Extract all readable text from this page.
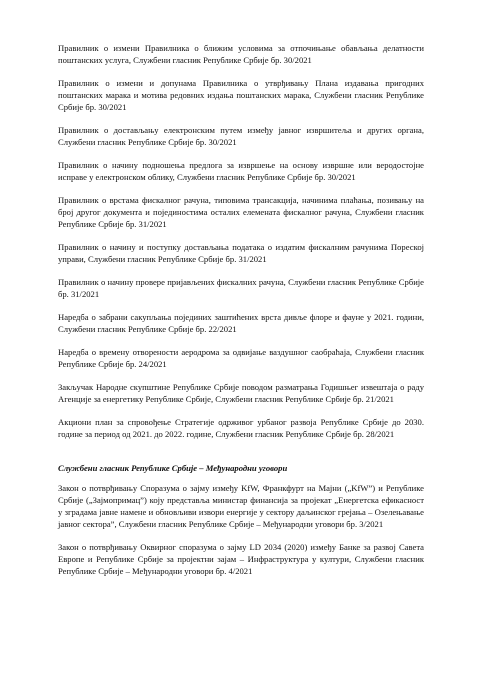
Правилник о измени Правилника о ближим условима за отпочињање обављања делатности поштанских услуга, Службени гласник Републике Србије бр. 30/2021

Правилник о измени и допунама Правилника о утврђивању Плана издавања пригодних поштанских марака и мотива редовних издања поштанских марака, Службени гласник Републике Србије бр. 30/2021

Правилник о достављању електронским путем између јавног извршитеља и других органа, Службени гласник Републике Србије бр. 30/2021

Правилник о начину подношења предлога за извршење на основу извршне или веродостојне исправе у електронском облику, Службени гласник Републике Србије бр. 30/2021

Правилник о врстама фискалног рачуна, типовима трансакција, начинима плаћања, позивању на број другог документа и појединостима осталих елемената фискалног рачуна, Службени гласник Републике Србије бр. 31/2021

Правилник о начину и поступку достављања података о издатим фискалним рачунима Пореској управи, Службени гласник Републике Србије бр. 31/2021

Правилник о начину провере пријављених фискалних рачуна, Службени гласник Републике Србије бр. 31/2021

Наредба о забрани сакупљања појединих заштићених врста дивље флоре и фауне у 2021. години, Службени гласник Републике Србије бр. 22/2021

Наредба о времену отворености аеродрома за одвијање ваздушног саобраћаја, Службени гласник Републике Србије бр. 24/2021

Закључак Народне скупштине Републике Србије поводом разматрања Годишњег извештаја о раду Агенције за енергетику Републике Србије, Службени гласник Републике Србије бр. 21/2021

Акциони план за спровођење Стратегије одрживог урбаног развоја Републике Србије до 2030. године за период од 2021. до 2022. године, Службени гласник Републике Србије бр. 28/2021

Службени гласник Републике Србије – Међународни уговори

Закон о потврђивању Споразума о зајму између KfW, Франкфурт на Мајни („KfW”) и Републике Србије („Зајмопримац”) коју представља министар финансија за пројекат „Енергетска ефикасност у зградама јавне намене и обновљиви извори енергије у сектору даљинског грејања – Озелењавање јавног сектора”, Службени гласник Републике Србије – Међународни уговори бр. 3/2021

Закон о потврђивању Оквирног споразума о зајму LD 2034 (2020) између Банке за развој Савета Европе и Републике Србије за пројектни зајам – Инфраструктура у култури, Службени гласник Републике Србије – Међународни уговори бр. 4/2021
